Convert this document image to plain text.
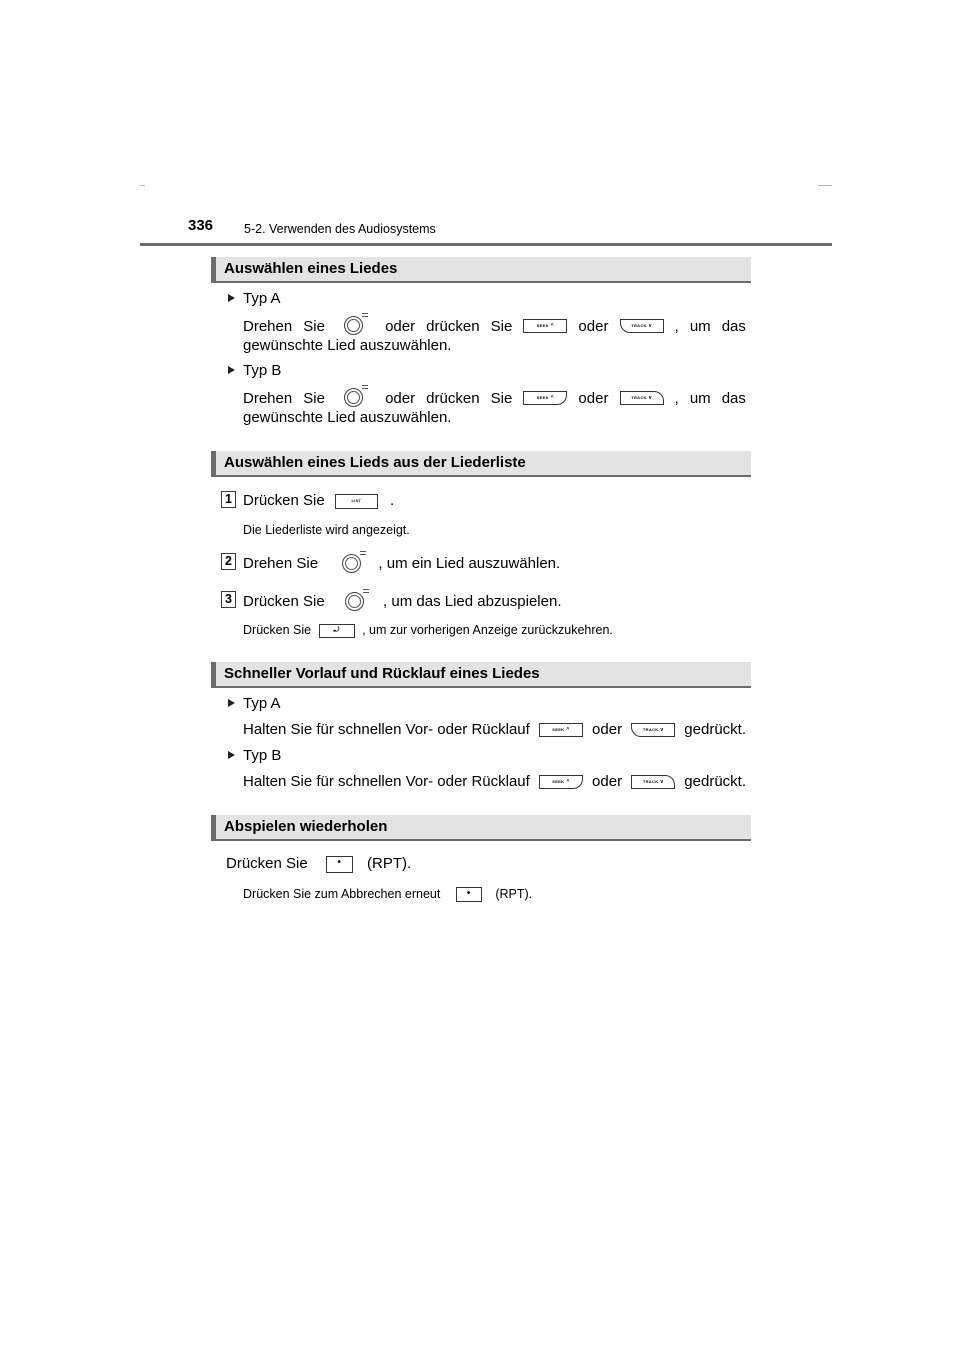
336 5-2. Verwenden des Audiosystems
Auswählen eines Liedes
Typ A
Drehen Sie	oder drücken Sie	SEEK ^	oder	TRACK v	, um das
gewünschte Lied auszuwählen.
Typ B
Drehen Sie	oder drücken Sie	SEEK ^	oder	TRACK v	, um das
gewünschte Lied auszuwählen.
Auswählen eines Lieds aus der Liederliste
1 Drücken Sie	LIST .
Die Liederliste wird angezeigt.
2 Drehen Sie	, um ein Lied auszuwählen.
3 Drücken Sie	, um das Lied abzuspielen.
Drücken Sie	⤾ , um zur vorherigen Anzeige zurückzukehren.
Schneller Vorlauf und Rücklauf eines Liedes
Typ A
Halten Sie für schnellen Vor- oder Rücklauf	SEEK ^	oder	TRACK v	gedrückt.
Typ B
Halten Sie für schnellen Vor- oder Rücklauf	SEEK ^	oder	TRACK v	gedrückt.
Abspielen wiederholen
Drücken Sie	• (RPT).
Drücken Sie zum Abbrechen erneut	• (RPT).
